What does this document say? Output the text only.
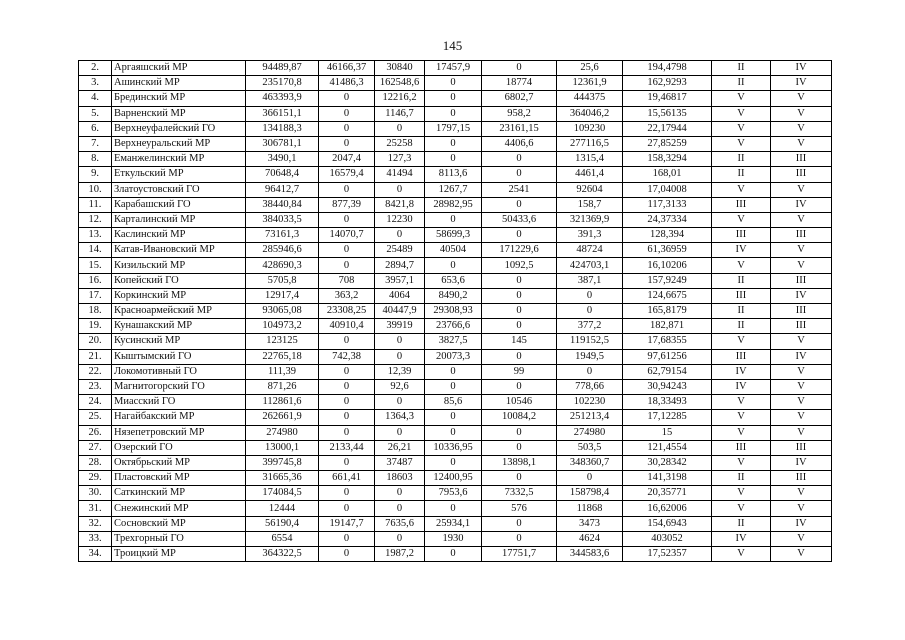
145
2.	Аргаяшский МР	94489,87	46166,37	30840	17457,9	0	25,6	194,4798	II	IV
3.	Ашинский МР	235170,8	41486,3	162548,6	0	18774	12361,9	162,9293	II	IV
4.	Брединский МР	463393,9	0	12216,2	0	6802,7	444375	19,46817	V	V
5.	Варненский МР	366151,1	0	1146,7	0	958,2	364046,2	15,56135	V	V
6.	Верхнеуфалейский ГО	134188,3	0	0	1797,15	23161,15	109230	22,17944	V	V
7.	Верхнеуральский МР	306781,1	0	25258	0	4406,6	277116,5	27,85259	V	V
8.	Еманжелинский МР	3490,1	2047,4	127,3	0	0	1315,4	158,3294	II	III
9.	Еткульский МР	70648,4	16579,4	41494	8113,6	0	4461,4	168,01	II	III
10.	Златоустовский ГО	96412,7	0	0	1267,7	2541	92604	17,04008	V	V
11.	Карабашский ГО	38440,84	877,39	8421,8	28982,95	0	158,7	117,3133	III	IV
12.	Карталинский МР	384033,5	0	12230	0	50433,6	321369,9	24,37334	V	V
13.	Каслинский МР	73161,3	14070,7	0	58699,3	0	391,3	128,394	III	III
14.	Катав-Ивановский МР	285946,6	0	25489	40504	171229,6	48724	61,36959	IV	V
15.	Кизильский МР	428690,3	0	2894,7	0	1092,5	424703,1	16,10206	V	V
16.	Копейский ГО	5705,8	708	3957,1	653,6	0	387,1	157,9249	II	III
17.	Коркинский МР	12917,4	363,2	4064	8490,2	0	0	124,6675	III	IV
18.	Красноармейский МР	93065,08	23308,25	40447,9	29308,93	0	0	165,8179	II	III
19.	Кунашакский МР	104973,2	40910,4	39919	23766,6	0	377,2	182,871	II	III
20.	Кусинский МР	123125	0	0	3827,5	145	119152,5	17,68355	V	V
21.	Кыштымский ГО	22765,18	742,38	0	20073,3	0	1949,5	97,61256	III	IV
22.	Локомотивный ГО	111,39	0	12,39	0	99	0	62,79154	IV	V
23.	Магнитогорский ГО	871,26	0	92,6	0	0	778,66	30,94243	IV	V
24.	Миасский ГО	112861,6	0	0	85,6	10546	102230	18,33493	V	V
25.	Нагайбакский МР	262661,9	0	1364,3	0	10084,2	251213,4	17,12285	V	V
26.	Нязепетровский МР	274980	0	0	0	0	274980	15	V	V
27.	Озерский ГО	13000,1	2133,44	26,21	10336,95	0	503,5	121,4554	III	III
28.	Октябрьский МР	399745,8	0	37487	0	13898,1	348360,7	30,28342	V	IV
29.	Пластовский МР	31665,36	661,41	18603	12400,95	0	0	141,3198	II	III
30.	Саткинский МР	174084,5	0	0	7953,6	7332,5	158798,4	20,35771	V	V
31.	Снежинский МР	12444	0	0	0	576	11868	16,62006	V	V
32.	Сосновский МР	56190,4	19147,7	7635,6	25934,1	0	3473	154,6943	II	IV
33.	Трехгорный ГО	6554	0	0	1930	0	4624	403052	IV	V
34.	Троицкий МР	364322,5	0	1987,2	0	17751,7	344583,6	17,52357	V	V
